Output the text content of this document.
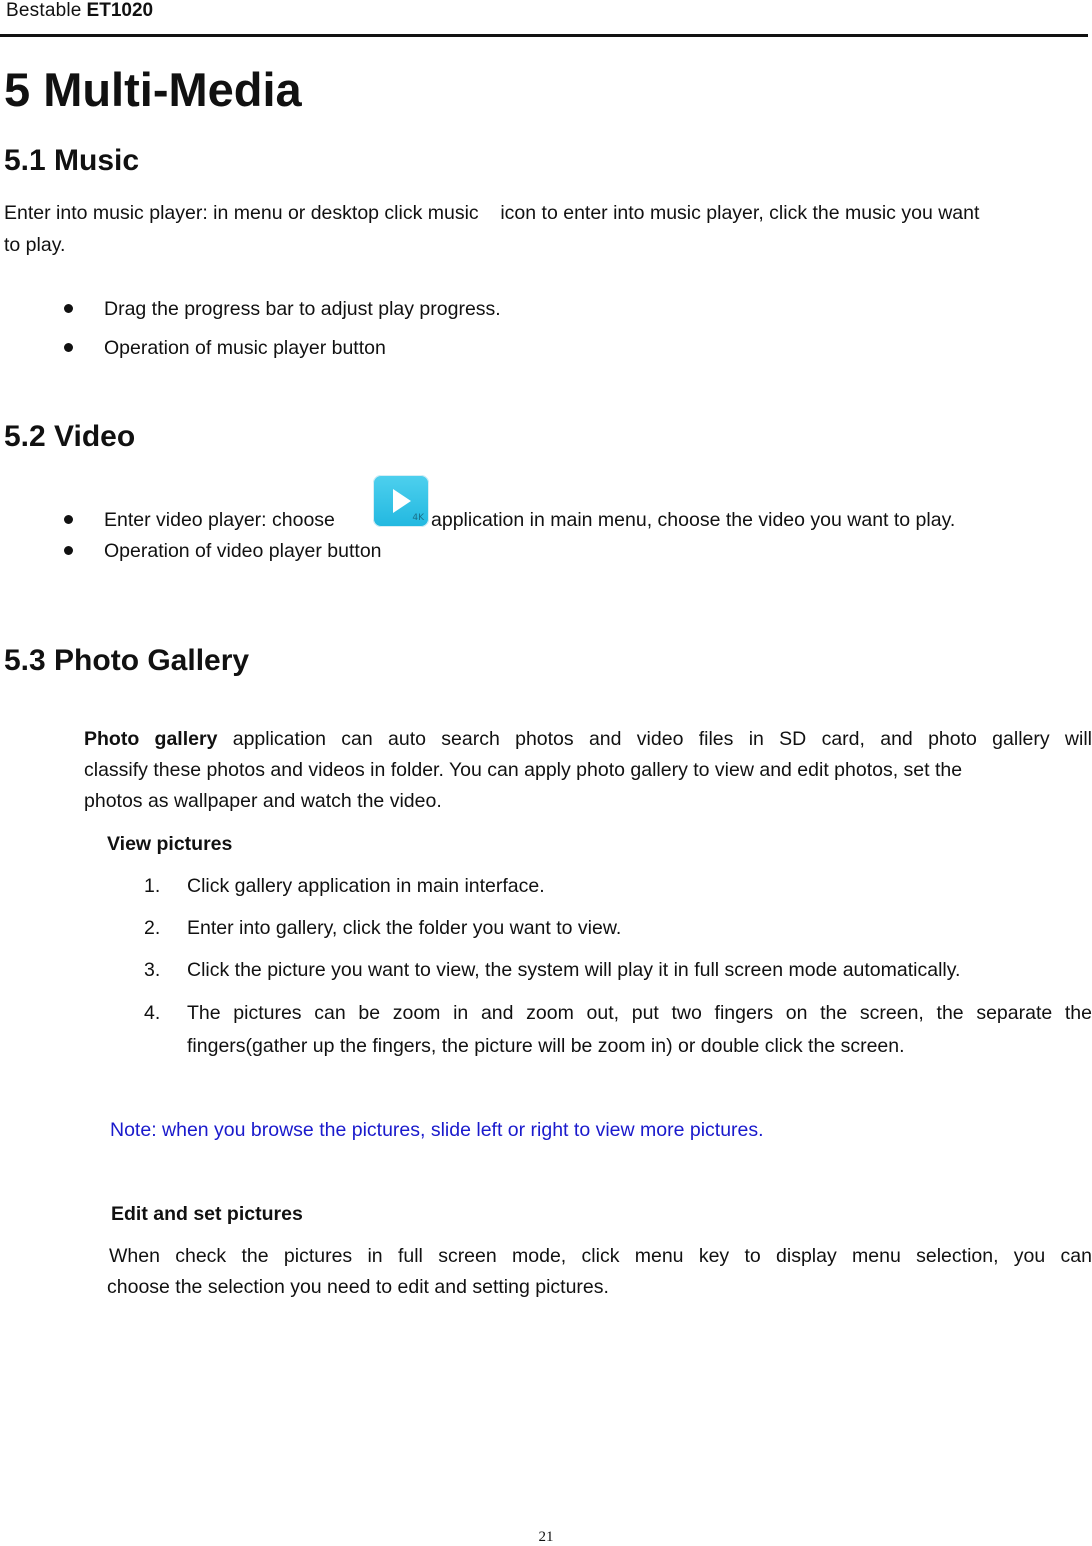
Bestable ET1020
5 Multi-Media
5.1 Music

Enter into music player: in menu or desktop click music    icon to enter into music player, click the music you want

to play.

Drag the progress bar to adjust play progress.

Operation of music player button

5.2 Video

Enter video player: choose	4K application in main menu, choose the video you want to play.

Operation of video player button

5.3 Photo Gallery

Photo gallery application can auto search photos and video files in SD card, and photo gallery will

classify these photos and videos in folder. You can apply photo gallery to view and edit photos, set the

photos as wallpaper and watch the video.

View pictures

1. Click gallery application in main interface.

2. Enter into gallery, click the folder you want to view.

3. Click the picture you want to view, the system will play it in full screen mode automatically.

4. The pictures can be zoom in and zoom out, put two fingers on the screen, the separate the

fingers(gather up the fingers, the picture will be zoom in) or double click the screen.

Note: when you browse the pictures, slide left or right to view more pictures.

Edit and set pictures

When check the pictures in full screen mode, click menu key to display menu selection, you can

choose the selection you need to edit and setting pictures.

21
